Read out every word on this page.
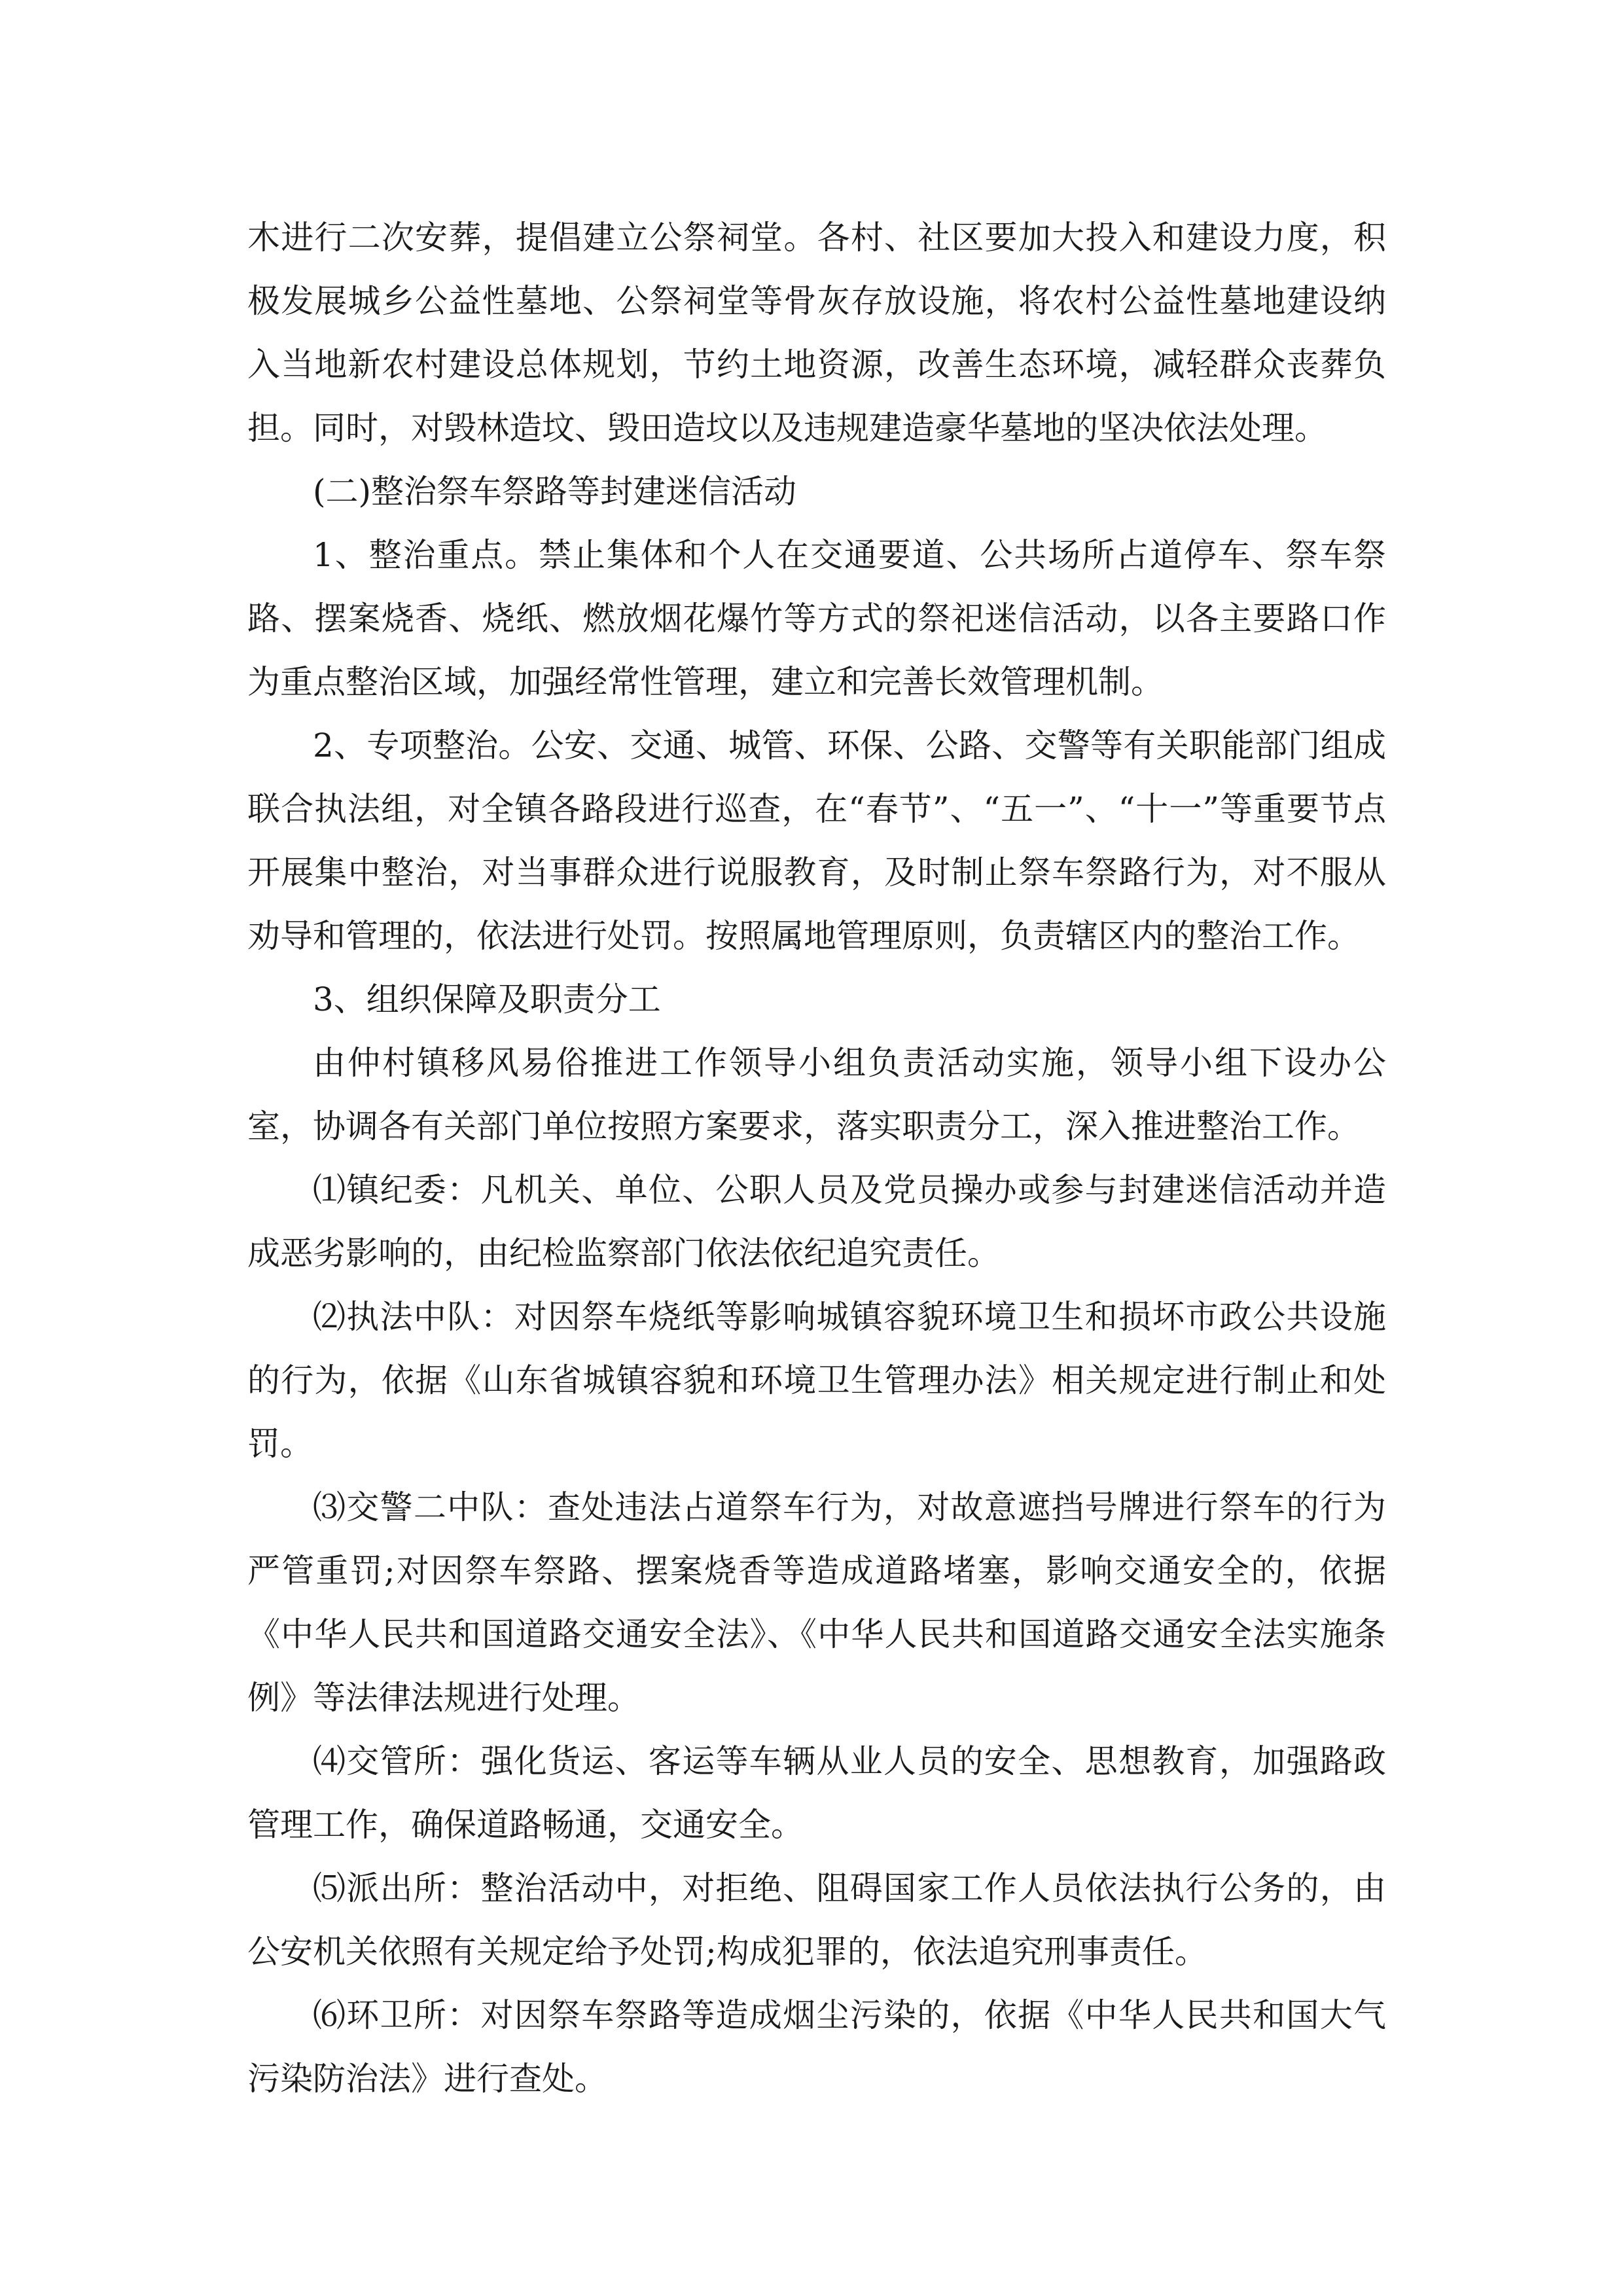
木进行二次安葬，提倡建立公祭祠堂。各村、社区要加大投入和建设力度，积极发展城乡公益性墓地、公祭祠堂等骨灰存放设施，将农村公益性墓地建设纳入当地新农村建设总体规划，节约土地资源，改善生态环境，减轻群众丧葬负担。同时，对毁林造坟、毁田造坟以及违规建造豪华墓地的坚决依法处理。

(二)整治祭车祭路等封建迷信活动

1、整治重点。禁止集体和个人在交通要道、公共场所占道停车、祭车祭路、摆案烧香、烧纸、燃放烟花爆竹等方式的祭祀迷信活动，以各主要路口作为重点整治区域，加强经常性管理，建立和完善长效管理机制。

2、专项整治。公安、交通、城管、环保、公路、交警等有关职能部门组成联合执法组，对全镇各路段进行巡查，在“春节”、“五一”、“十一”等重要节点开展集中整治，对当事群众进行说服教育，及时制止祭车祭路行为，对不服从劝导和管理的，依法进行处罚。按照属地管理原则，负责辖区内的整治工作。

3、组织保障及职责分工

由仲村镇移风易俗推进工作领导小组负责活动实施，领导小组下设办公室，协调各有关部门单位按照方案要求，落实职责分工，深入推进整治工作。

⑴镇纪委：凡机关、单位、公职人员及党员操办或参与封建迷信活动并造成恶劣影响的，由纪检监察部门依法依纪追究责任。

⑵执法中队：对因祭车烧纸等影响城镇容貌环境卫生和损坏市政公共设施的行为，依据《山东省城镇容貌和环境卫生管理办法》相关规定进行制止和处罚。

⑶交警二中队：查处违法占道祭车行为，对故意遮挡号牌进行祭车的行为严管重罚;对因祭车祭路、摆案烧香等造成道路堵塞，影响交通安全的，依据《中华人民共和国道路交通安全法》、《中华人民共和国道路交通安全法实施条例》等法律法规进行处理。

⑷交管所：强化货运、客运等车辆从业人员的安全、思想教育，加强路政管理工作，确保道路畅通，交通安全。

⑸派出所：整治活动中，对拒绝、阻碍国家工作人员依法执行公务的，由公安机关依照有关规定给予处罚;构成犯罪的，依法追究刑事责任。

⑹环卫所：对因祭车祭路等造成烟尘污染的，依据《中华人民共和国大气污染防治法》进行查处。
